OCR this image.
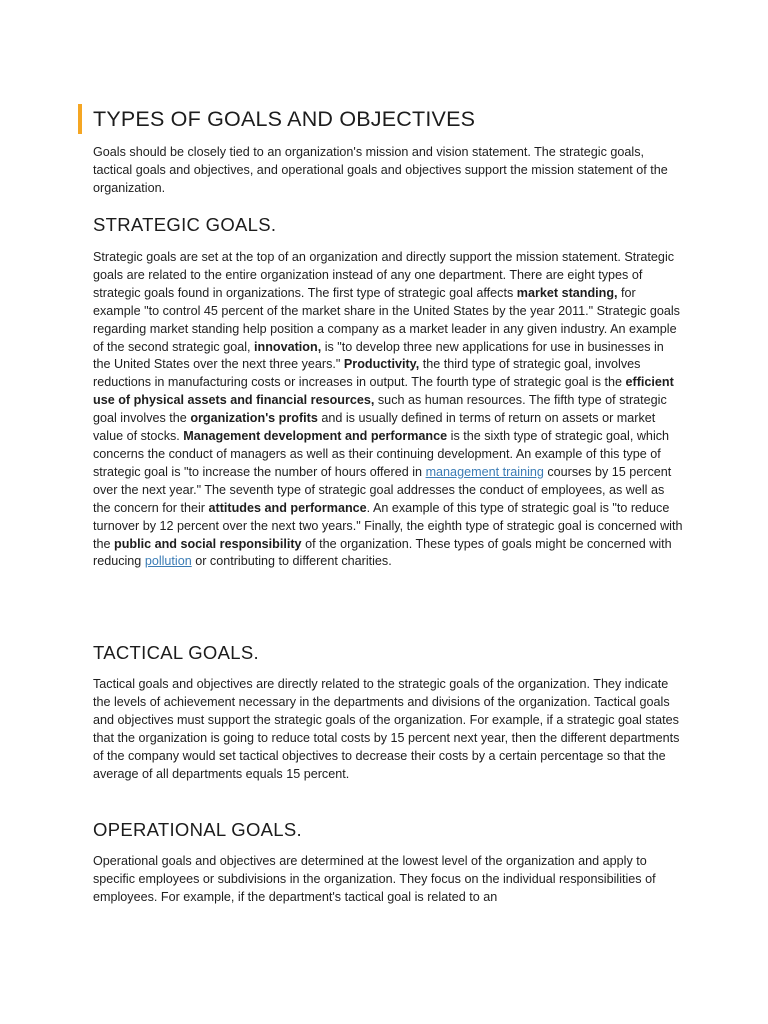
TYPES OF GOALS AND OBJECTIVES

Goals should be closely tied to an organization's mission and vision statement. The strategic goals, tactical goals and objectives, and operational goals and objectives support the mission statement of the organization.

STRATEGIC GOALS.

Strategic goals are set at the top of an organization and directly support the mission statement. Strategic goals are related to the entire organization instead of any one department. There are eight types of strategic goals found in organizations. The first type of strategic goal affects market standing, for example "to control 45 percent of the market share in the United States by the year 2011." Strategic goals regarding market standing help position a company as a market leader in any given industry. An example of the second strategic goal, innovation, is "to develop three new applications for use in businesses in the United States over the next three years." Productivity, the third type of strategic goal, involves reductions in manufacturing costs or increases in output. The fourth type of strategic goal is the efficient use of physical assets and financial resources, such as human resources. The fifth type of strategic goal involves the organization's profits and is usually defined in terms of return on assets or market value of stocks. Management development and performance is the sixth type of strategic goal, which concerns the conduct of managers as well as their continuing development. An example of this type of strategic goal is "to increase the number of hours offered in management training courses by 15 percent over the next year." The seventh type of strategic goal addresses the conduct of employees, as well as the concern for their attitudes and performance. An example of this type of strategic goal is "to reduce turnover by 12 percent over the next two years." Finally, the eighth type of strategic goal is concerned with the public and social responsibility of the organization. These types of goals might be concerned with reducing pollution or contributing to different charities.

TACTICAL GOALS.

Tactical goals and objectives are directly related to the strategic goals of the organization. They indicate the levels of achievement necessary in the departments and divisions of the organization. Tactical goals and objectives must support the strategic goals of the organization. For example, if a strategic goal states that the organization is going to reduce total costs by 15 percent next year, then the different departments of the company would set tactical objectives to decrease their costs by a certain percentage so that the average of all departments equals 15 percent.

OPERATIONAL GOALS.

Operational goals and objectives are determined at the lowest level of the organization and apply to specific employees or subdivisions in the organization. They focus on the individual responsibilities of employees. For example, if the department's tactical goal is related to an
